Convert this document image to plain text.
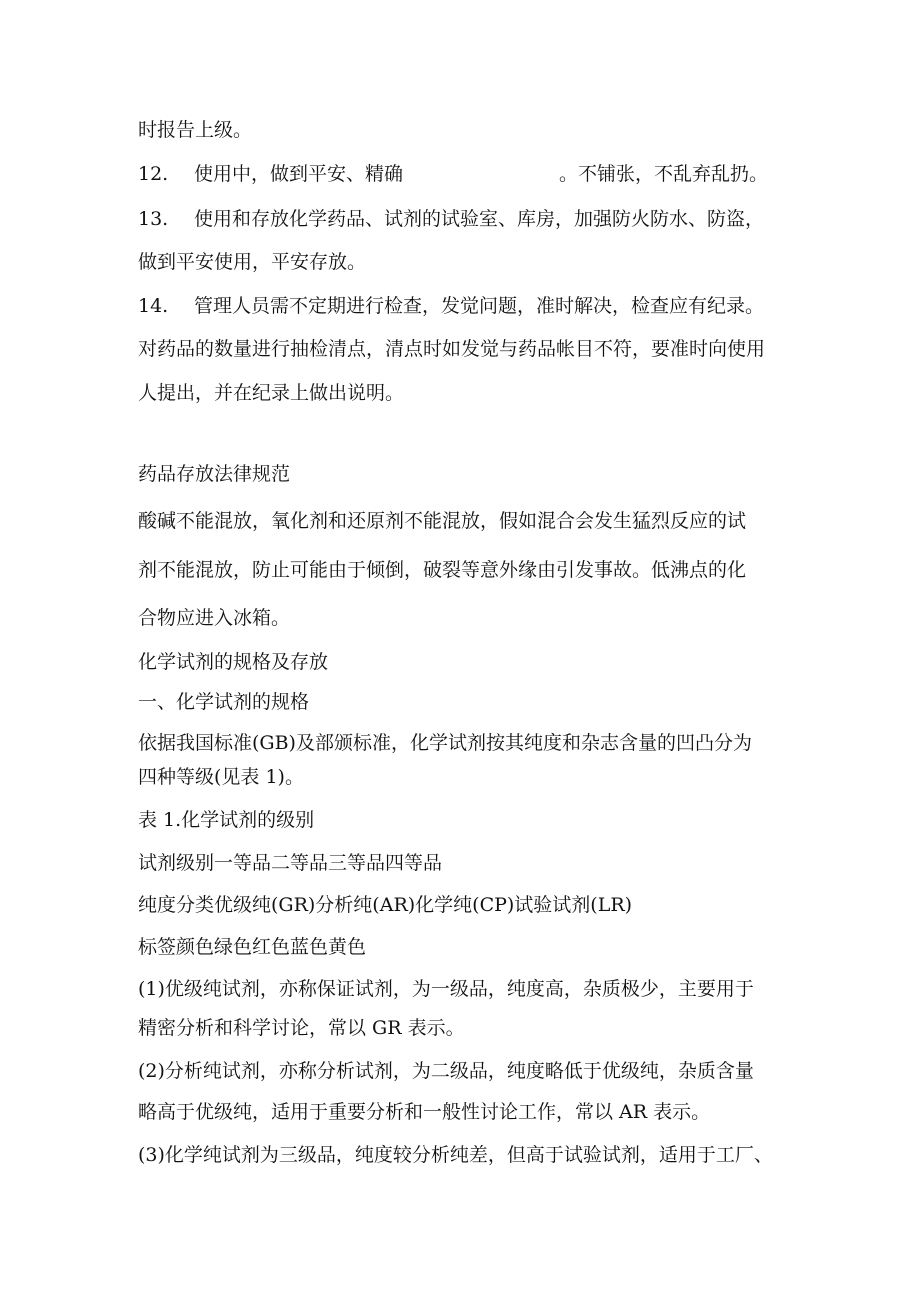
时报告上级。
12. 使用中，做到平安、精确	。不铺张，不乱弃乱扔。
13. 使用和存放化学药品、试剂的试验室、库房，加强防火防水、防盗，
做到平安使用，平安存放。
14. 管理人员需不定期进行检查，发觉问题，准时解决，检查应有纪录。
对药品的数量进行抽检清点，清点时如发觉与药品帐目不符，要准时向使用
人提出，并在纪录上做出说明。
药品存放法律规范
酸碱不能混放，氧化剂和还原剂不能混放，假如混合会发生猛烈反应的试
剂不能混放，防止可能由于倾倒，破裂等意外缘由引发事故。低沸点的化
合物应进入冰箱。
化学试剂的规格及存放
一、化学试剂的规格
依据我国标准(GB)及部颁标准，化学试剂按其纯度和杂志含量的凹凸分为
四种等级(见表 1)。
表 1.化学试剂的级别
试剂级别一等品二等品三等品四等品
纯度分类优级纯(GR)分析纯(AR)化学纯(CP)试验试剂(LR)
标签颜色绿色红色蓝色黄色
(1)优级纯试剂，亦称保证试剂，为一级品，纯度高，杂质极少，主要用于
精密分析和科学讨论，常以 GR 表示。
(2)分析纯试剂，亦称分析试剂，为二级品，纯度略低于优级纯，杂质含量
略高于优级纯，适用于重要分析和一般性讨论工作，常以 AR 表示。
(3)化学纯试剂为三级品，纯度较分析纯差，但高于试验试剂，适用于工厂、
